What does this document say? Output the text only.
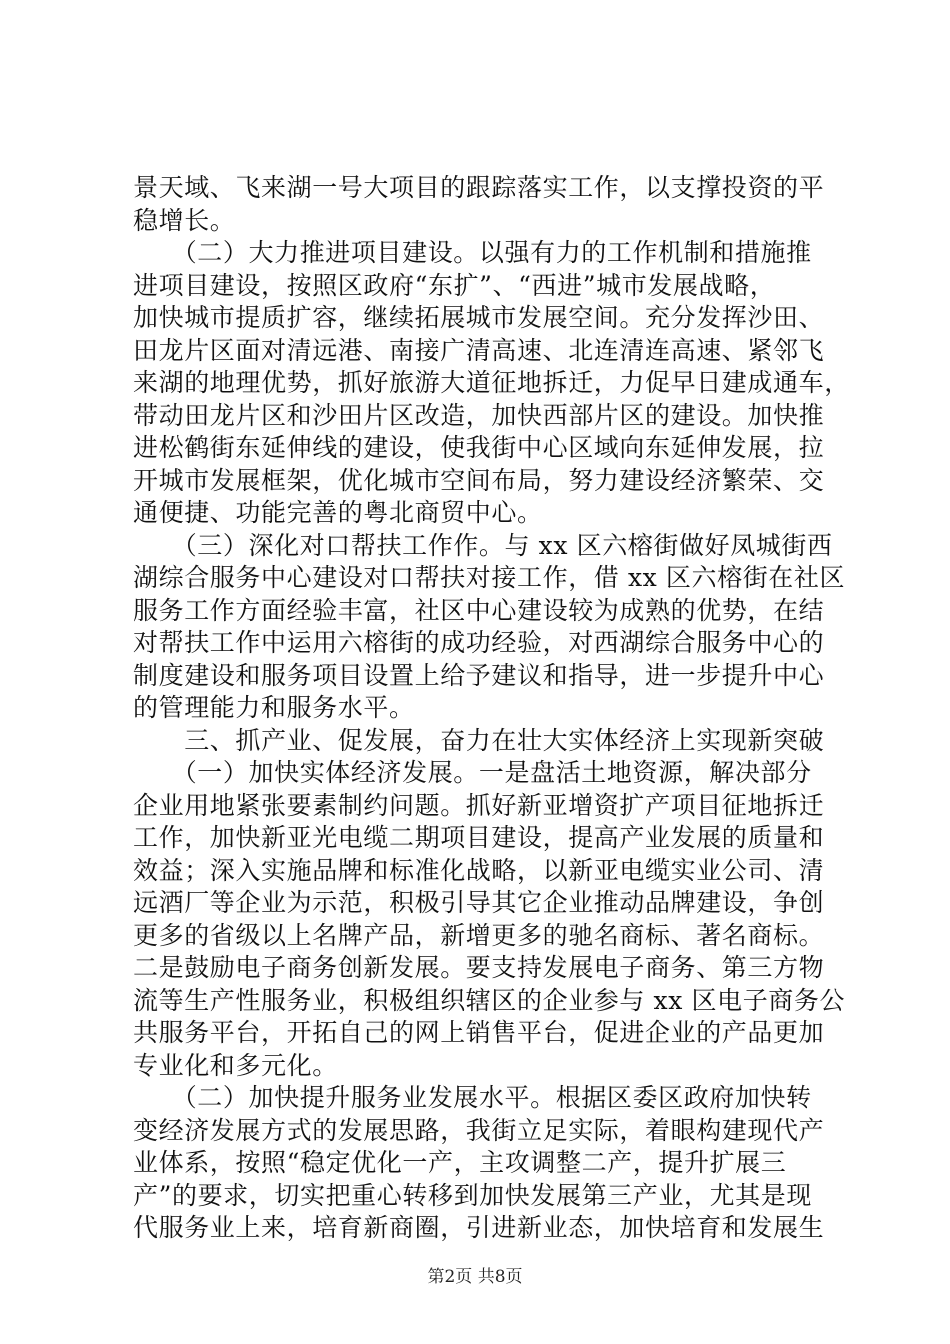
景天域、飞来湖一号大项目的跟踪落实工作，以支撑投资的平
稳增长。
　　（二）大力推进项目建设。以强有力的工作机制和措施推
进项目建设，按照区政府“东扩”、“西进”城市发展战略，
加快城市提质扩容，继续拓展城市发展空间。充分发挥沙田、
田龙片区面对清远港、南接广清高速、北连清连高速、紧邻飞
来湖的地理优势，抓好旅游大道征地拆迁，力促早日建成通车，
带动田龙片区和沙田片区改造，加快西部片区的建设。加快推
进松鹤街东延伸线的建设，使我街中心区域向东延伸发展，拉
开城市发展框架，优化城市空间布局，努力建设经济繁荣、交
通便捷、功能完善的粤北商贸中心。
　　（三）深化对口帮扶工作作。与 xx 区六榕街做好凤城街西
湖综合服务中心建设对口帮扶对接工作，借 xx 区六榕街在社区
服务工作方面经验丰富，社区中心建设较为成熟的优势，在结
对帮扶工作中运用六榕街的成功经验，对西湖综合服务中心的
制度建设和服务项目设置上给予建议和指导，进一步提升中心
的管理能力和服务水平。
　　三、抓产业、促发展，奋力在壮大实体经济上实现新突破
　　（一）加快实体经济发展。一是盘活土地资源，解决部分
企业用地紧张要素制约问题。抓好新亚增资扩产项目征地拆迁
工作，加快新亚光电缆二期项目建设，提高产业发展的质量和
效益；深入实施品牌和标准化战略，以新亚电缆实业公司、清
远酒厂等企业为示范，积极引导其它企业推动品牌建设，争创
更多的省级以上名牌产品，新增更多的驰名商标、著名商标。
二是鼓励电子商务创新发展。要支持发展电子商务、第三方物
流等生产性服务业，积极组织辖区的企业参与 xx 区电子商务公
共服务平台，开拓自己的网上销售平台，促进企业的产品更加
专业化和多元化。
　　（二）加快提升服务业发展水平。根据区委区政府加快转
变经济发展方式的发展思路，我街立足实际，着眼构建现代产
业体系，按照“稳定优化一产，主攻调整二产，提升扩展三
产”的要求，切实把重心转移到加快发展第三产业，尤其是现
代服务业上来，培育新商圈，引进新业态，加快培育和发展生
第2页 共8页
